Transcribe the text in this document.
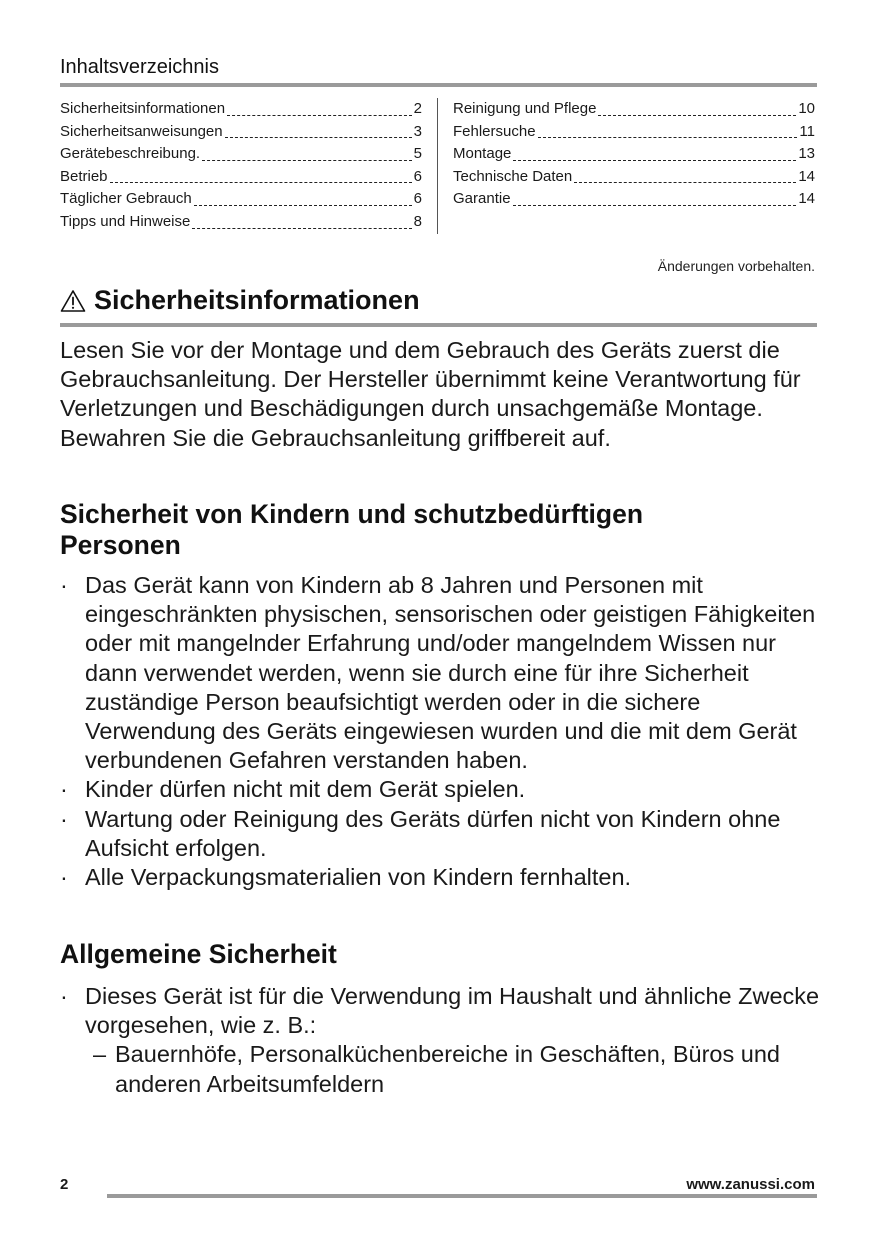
Inhaltsverzeichnis
Sicherheitsinformationen	2
Sicherheitsanweisungen	3
Gerätebeschreibung.	5
Betrieb	6
Täglicher Gebrauch	6
Tipps und Hinweise	8
Reinigung und Pflege	10
Fehlersuche	11
Montage	13
Technische Daten	14
Garantie	14
Änderungen vorbehalten.
Sicherheitsinformationen
Lesen Sie vor der Montage und dem Gebrauch des Geräts zuerst die Gebrauchsanleitung. Der Hersteller übernimmt keine Verantwortung für Verletzungen und Beschädigungen durch unsachgemäße Montage. Bewahren Sie die Gebrauchsanleitung griffbereit auf.
Sicherheit von Kindern und schutzbedürftigen Personen
· Das Gerät kann von Kindern ab 8 Jahren und Personen mit eingeschränkten physischen, sensorischen oder geistigen Fähigkeiten oder mit mangelnder Erfahrung und/oder mangelndem Wissen nur dann verwendet werden, wenn sie durch eine für ihre Sicherheit zuständige Person beaufsichtigt werden oder in die sichere Verwendung des Geräts eingewiesen wurden und die mit dem Gerät verbundenen Gefahren verstanden haben.
· Kinder dürfen nicht mit dem Gerät spielen.
· Wartung oder Reinigung des Geräts dürfen nicht von Kindern ohne Aufsicht erfolgen.
· Alle Verpackungsmaterialien von Kindern fernhalten.
Allgemeine Sicherheit
· Dieses Gerät ist für die Verwendung im Haushalt und ähnliche Zwecke vorgesehen, wie z. B.:
– Bauernhöfe, Personalküchenbereiche in Geschäften, Büros und anderen Arbeitsumfeldern
2	www.zanussi.com
